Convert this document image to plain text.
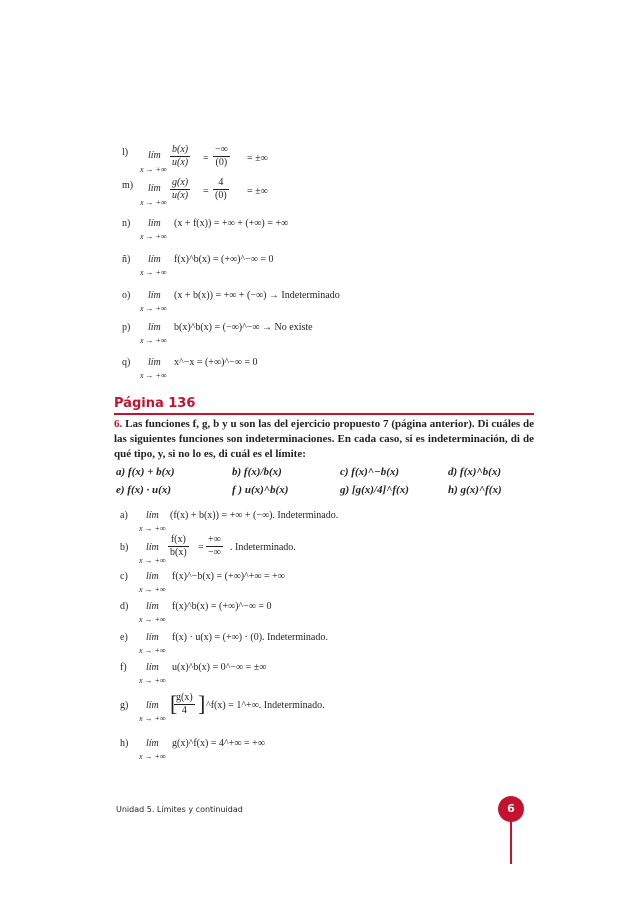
l) lím
x → +∞
$\frac{b(x)}{u(x)}$ =
−∞
(0) = ±∞
m) lím
x → +∞
$\frac{g(x)}{u(x)} = \frac{4}{(0)}$ = ±∞
n) lím
x → +∞
(x + f(x)) = +∞ + (+∞) = +∞
ñ) lím
x → +∞
f(x)^b(x) = (+∞)^−∞ = 0
o) lím
x → +∞
(x + b(x)) = +∞ + (−∞) → Indeterminado
p) lím
x → +∞
b(x)^b(x) = (−∞)^−∞ → No existe
q) lím
x → +∞
x^−x = (+∞)^−∞ = 0
Página 136
6. Las funciones f, g, b y u son las del ejercicio propuesto 7 (página anterior). Di cuáles de las siguientes funciones son indeterminaciones. En cada caso, si es indeterminación, di de qué tipo, y, si no lo es, di cuál es el límite:
a) f(x) + b(x)	b) f(x)/b(x)	c) f(x)^−b(x)	d) f(x)^b(x)
e) f(x) · u(x)	f ) u(x)^b(x)	g) [g(x)/4]^f(x)	h) g(x)^f(x)
a) lím
x → +∞
(f(x) + b(x)) = +∞ + (−∞). Indeterminado.
b) lím
x → +∞
$\frac{f(x)}{b(x)}$ =
+∞
−∞ . Indeterminado.
c) lím
x → +∞
f(x)^−b(x) = (+∞)^+∞ = +∞
d) lím
x → +∞
f(x)^b(x) = (+∞)^−∞ = 0
e) lím
x → +∞
f(x) · u(x) = (+∞) · (0). Indeterminado.
f) lím
x → +∞
u(x)^b(x) = 0^−∞ = ±∞
g) lím
x → +∞
[
$\frac{g(x)}{4}$ ] ^f(x) = 1^+∞. Indeterminado.
h) lím
x → +∞
g(x)^f(x) = 4^+∞ = +∞
Unidad 5. Límites y continuidad	6
